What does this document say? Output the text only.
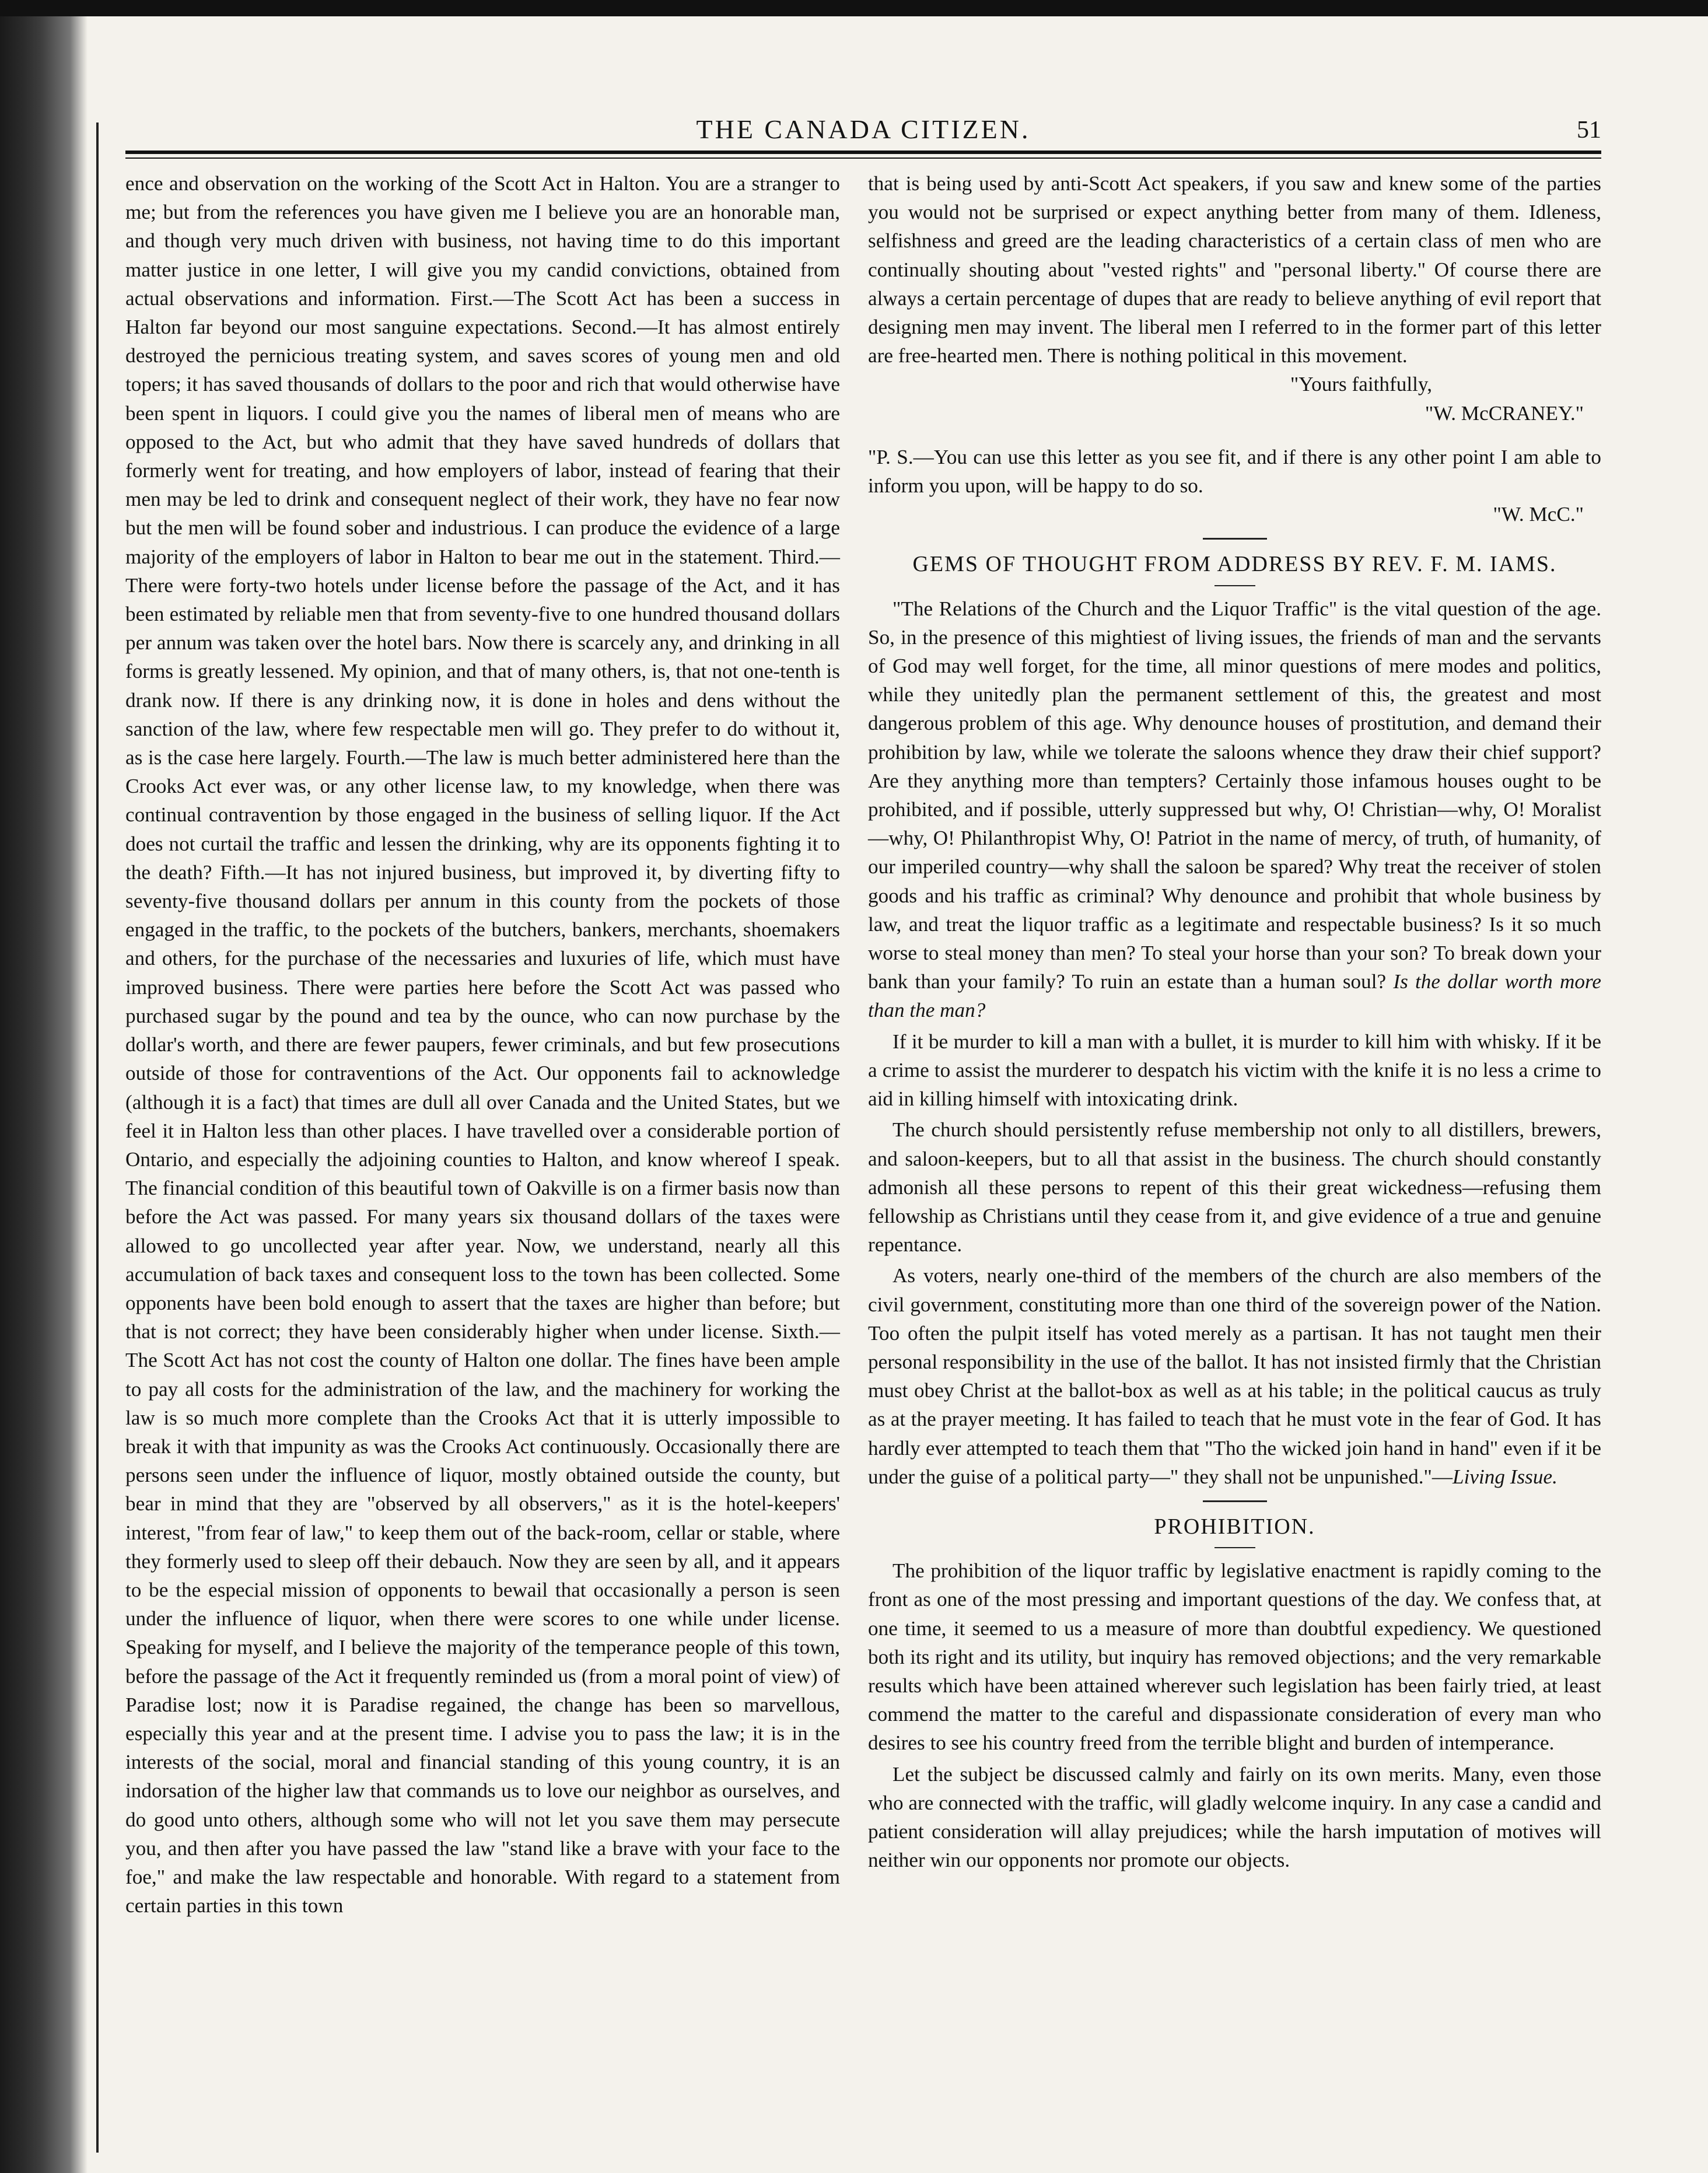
THE CANADA CITIZEN.	51

ence and observation on the working of the Scott Act in Halton. You are a stranger to me; but from the references you have given me I believe you are an honorable man, and though very much driven with business, not having time to do this important matter justice in one letter, I will give you my candid convictions, obtained from actual observations and information. First.—The Scott Act has been a success in Halton far beyond our most sanguine expectations. Second.—It has almost entirely destroyed the pernicious treating system, and saves scores of young men and old topers; it has saved thousands of dollars to the poor and rich that would otherwise have been spent in liquors. I could give you the names of liberal men of means who are opposed to the Act, but who admit that they have saved hundreds of dollars that formerly went for treating, and how employers of labor, instead of fearing that their men may be led to drink and consequent neglect of their work, they have no fear now but the men will be found sober and industrious. I can produce the evidence of a large majority of the employers of labor in Halton to bear me out in the statement. Third.—There were forty-two hotels under license before the passage of the Act, and it has been estimated by reliable men that from seventy-five to one hundred thousand dollars per annum was taken over the hotel bars. Now there is scarcely any, and drinking in all forms is greatly lessened. My opinion, and that of many others, is, that not one-tenth is drank now. If there is any drinking now, it is done in holes and dens without the sanction of the law, where few respectable men will go. They prefer to do without it, as is the case here largely. Fourth.—The law is much better administered here than the Crooks Act ever was, or any other license law, to my knowledge, when there was continual contravention by those engaged in the business of selling liquor. If the Act does not curtail the traffic and lessen the drinking, why are its opponents fighting it to the death? Fifth.—It has not injured business, but improved it, by diverting fifty to seventy-five thousand dollars per annum in this county from the pockets of those engaged in the traffic, to the pockets of the butchers, bankers, merchants, shoemakers and others, for the purchase of the necessaries and luxuries of life, which must have improved business. There were parties here before the Scott Act was passed who purchased sugar by the pound and tea by the ounce, who can now purchase by the dollar's worth, and there are fewer paupers, fewer criminals, and but few prosecutions outside of those for contraventions of the Act. Our opponents fail to acknowledge (although it is a fact) that times are dull all over Canada and the United States, but we feel it in Halton less than other places. I have travelled over a considerable portion of Ontario, and especially the adjoining counties to Halton, and know whereof I speak. The financial condition of this beautiful town of Oakville is on a firmer basis now than before the Act was passed. For many years six thousand dollars of the taxes were allowed to go uncollected year after year. Now, we understand, nearly all this accumulation of back taxes and consequent loss to the town has been collected. Some opponents have been bold enough to assert that the taxes are higher than before; but that is not correct; they have been considerably higher when under license. Sixth.—The Scott Act has not cost the county of Halton one dollar. The fines have been ample to pay all costs for the administration of the law, and the machinery for working the law is so much more complete than the Crooks Act that it is utterly impossible to break it with that impunity as was the Crooks Act continuously. Occasionally there are persons seen under the influence of liquor, mostly obtained outside the county, but bear in mind that they are "observed by all observers," as it is the hotel-keepers' interest, "from fear of law," to keep them out of the back-room, cellar or stable, where they formerly used to sleep off their debauch. Now they are seen by all, and it appears to be the especial mission of opponents to bewail that occasionally a person is seen under the influence of liquor, when there were scores to one while under license. Speaking for myself, and I believe the majority of the temperance people of this town, before the passage of the Act it frequently reminded us (from a moral point of view) of Paradise lost; now it is Paradise regained, the change has been so marvellous, especially this year and at the present time. I advise you to pass the law; it is in the interests of the social, moral and financial standing of this young country, it is an indorsation of the higher law that commands us to love our neighbor as ourselves, and do good unto others, although some who will not let you save them may persecute you, and then after you have passed the law "stand like a brave with your face to the foe," and make the law respectable and honorable. With regard to a statement from certain parties in this town

that is being used by anti-Scott Act speakers, if you saw and knew some of the parties you would not be surprised or expect anything better from many of them. Idleness, selfishness and greed are the leading characteristics of a certain class of men who are continually shouting about "vested rights" and "personal liberty." Of course there are always a certain percentage of dupes that are ready to believe anything of evil report that designing men may invent. The liberal men I referred to in the former part of this letter are free-hearted men. There is nothing political in this movement.

"Yours faithfully,

"W. McCRANEY."

"P. S.—You can use this letter as you see fit, and if there is any other point I am able to inform you upon, will be happy to do so.

"W. McC."

GEMS OF THOUGHT FROM ADDRESS BY REV. F. M. IAMS.

"The Relations of the Church and the Liquor Traffic" is the vital question of the age. So, in the presence of this mightiest of living issues, the friends of man and the servants of God may well forget, for the time, all minor questions of mere modes and politics, while they unitedly plan the permanent settlement of this, the greatest and most dangerous problem of this age. Why denounce houses of prostitution, and demand their prohibition by law, while we tolerate the saloons whence they draw their chief support? Are they anything more than tempters? Certainly those infamous houses ought to be prohibited, and if possible, utterly suppressed but why, O! Christian—why, O! Moralist—why, O! Philanthropist Why, O! Patriot in the name of mercy, of truth, of humanity, of our imperiled country—why shall the saloon be spared? Why treat the receiver of stolen goods and his traffic as criminal? Why denounce and prohibit that whole business by law, and treat the liquor traffic as a legitimate and respectable business? Is it so much worse to steal money than men? To steal your horse than your son? To break down your bank than your family? To ruin an estate than a human soul? Is the dollar worth more than the man?

If it be murder to kill a man with a bullet, it is murder to kill him with whisky. If it be a crime to assist the murderer to despatch his victim with the knife it is no less a crime to aid in killing himself with intoxicating drink.

The church should persistently refuse membership not only to all distillers, brewers, and saloon-keepers, but to all that assist in the business. The church should constantly admonish all these persons to repent of this their great wickedness—refusing them fellowship as Christians until they cease from it, and give evidence of a true and genuine repentance.

As voters, nearly one-third of the members of the church are also members of the civil government, constituting more than one third of the sovereign power of the Nation. Too often the pulpit itself has voted merely as a partisan. It has not taught men their personal responsibility in the use of the ballot. It has not insisted firmly that the Christian must obey Christ at the ballot-box as well as at his table; in the political caucus as truly as at the prayer meeting. It has failed to teach that he must vote in the fear of God. It has hardly ever attempted to teach them that "Tho the wicked join hand in hand" even if it be under the guise of a political party—" they shall not be unpunished."—Living Issue.

PROHIBITION.

The prohibition of the liquor traffic by legislative enactment is rapidly coming to the front as one of the most pressing and important questions of the day. We confess that, at one time, it seemed to us a measure of more than doubtful expediency. We questioned both its right and its utility, but inquiry has removed objections; and the very remarkable results which have been attained wherever such legislation has been fairly tried, at least commend the matter to the careful and dispassionate consideration of every man who desires to see his country freed from the terrible blight and burden of intemperance.

Let the subject be discussed calmly and fairly on its own merits. Many, even those who are connected with the traffic, will gladly welcome inquiry. In any case a candid and patient consideration will allay prejudices; while the harsh imputation of motives will neither win our opponents nor promote our objects.
